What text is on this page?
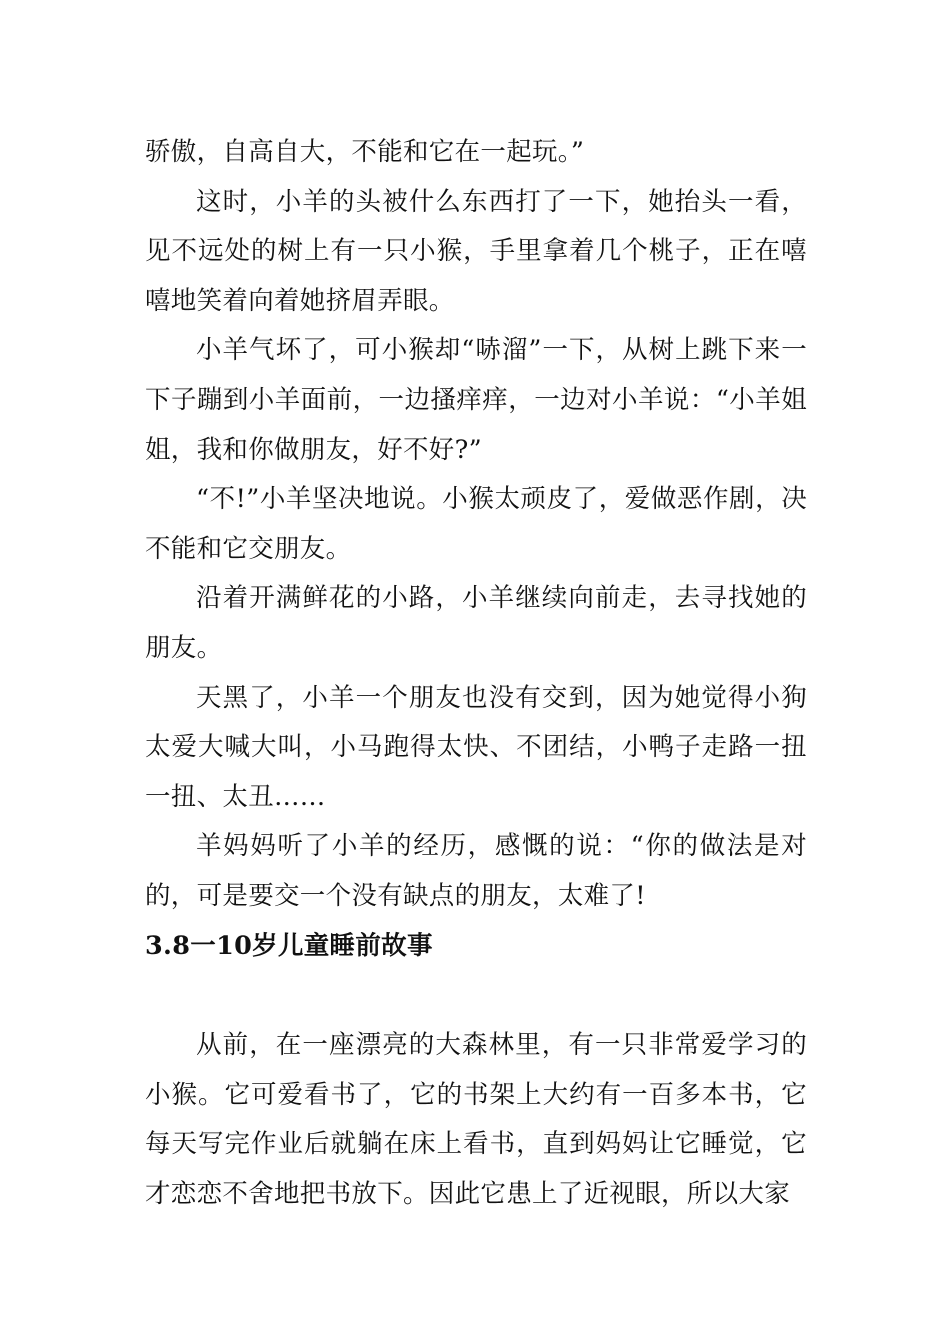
骄傲，自高自大，不能和它在一起玩。”

这时，小羊的头被什么东西打了一下，她抬头一看，见不远处的树上有一只小猴，手里拿着几个桃子，正在嘻嘻地笑着向着她挤眉弄眼。

小羊气坏了，可小猴却“哧溜”一下，从树上跳下来一下子蹦到小羊面前，一边搔痒痒，一边对小羊说：“小羊姐姐，我和你做朋友，好不好?”

“不!”小羊坚决地说。小猴太顽皮了，爱做恶作剧，决不能和它交朋友。

沿着开满鲜花的小路，小羊继续向前走，去寻找她的朋友。

天黑了，小羊一个朋友也没有交到，因为她觉得小狗太爱大喊大叫，小马跑得太快、不团结，小鸭子走路一扭一扭、太丑……

羊妈妈听了小羊的经历，感慨的说：“你的做法是对的，可是要交一个没有缺点的朋友，太难了!

3.8一10岁儿童睡前故事

从前，在一座漂亮的大森林里，有一只非常爱学习的小猴。它可爱看书了，它的书架上大约有一百多本书，它每天写完作业后就躺在床上看书，直到妈妈让它睡觉，它才恋恋不舍地把书放下。因此它患上了近视眼，所以大家
